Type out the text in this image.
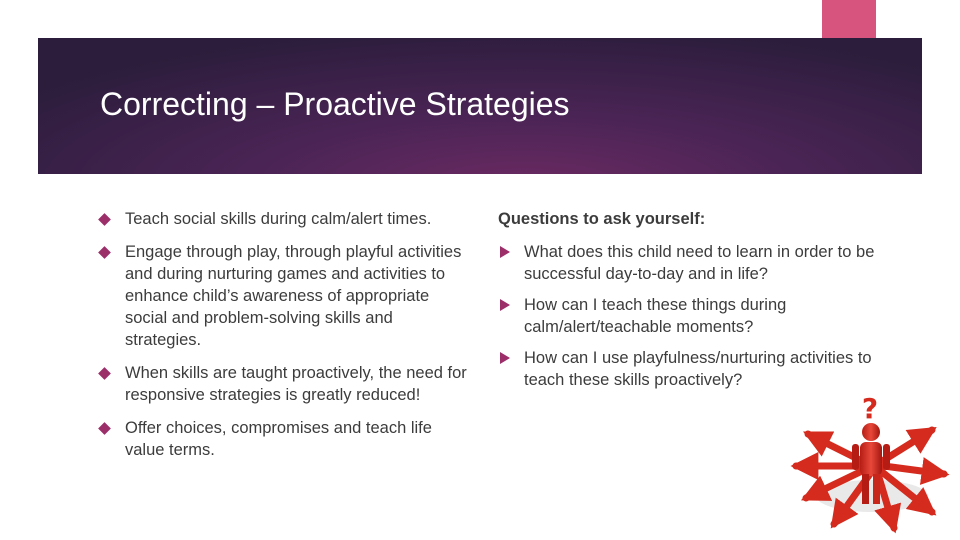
Correcting – Proactive Strategies
Teach social skills during calm/alert times.
Engage through play, through playful activities and during nurturing games and activities to enhance child’s awareness of appropriate social and problem-solving skills and strategies.
When skills are taught proactively, the need for responsive strategies is greatly reduced!
Offer choices, compromises and teach life value terms.
Questions to ask yourself:
What does this child need to learn in order to be successful day-to-day and in life?
How can I teach these things during calm/alert/teachable moments?
How can I use playfulness/nurturing activities to teach these skills proactively?
?
